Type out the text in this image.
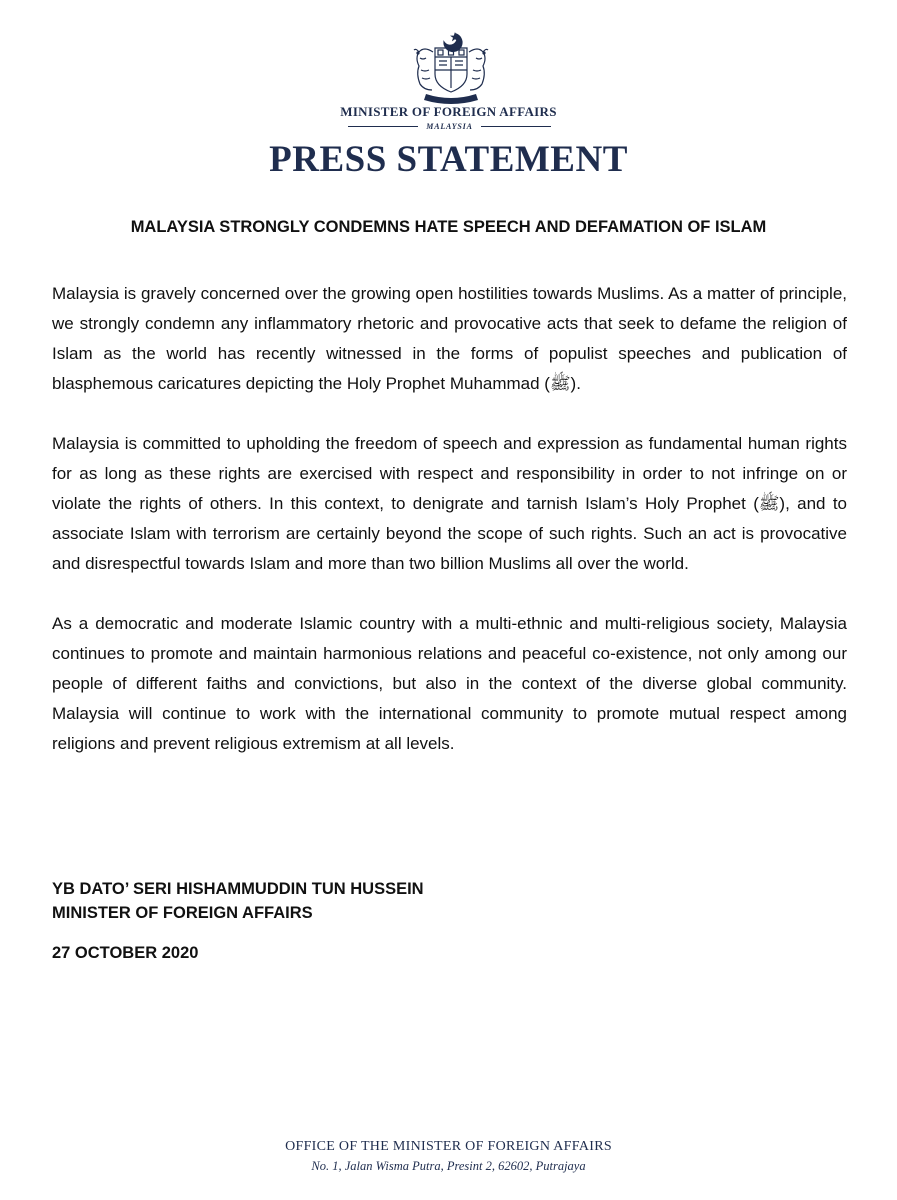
MINISTER OF FOREIGN AFFAIRS
MALAYSIA
PRESS STATEMENT
MALAYSIA STRONGLY CONDEMNS HATE SPEECH AND DEFAMATION OF ISLAM

Malaysia is gravely concerned over the growing open hostilities towards Muslims. As a matter of principle, we strongly condemn any inflammatory rhetoric and provocative acts that seek to defame the religion of Islam as the world has recently witnessed in the forms of populist speeches and publication of blasphemous caricatures depicting the Holy Prophet Muhammad (ﷺ).

Malaysia is committed to upholding the freedom of speech and expression as fundamental human rights for as long as these rights are exercised with respect and responsibility in order to not infringe on or violate the rights of others. In this context, to denigrate and tarnish Islam’s Holy Prophet (ﷺ), and to associate Islam with terrorism are certainly beyond the scope of such rights. Such an act is provocative and disrespectful towards Islam and more than two billion Muslims all over the world.

As a democratic and moderate Islamic country with a multi-ethnic and multi-religious society, Malaysia continues to promote and maintain harmonious relations and peaceful co-existence, not only among our people of different faiths and convictions, but also in the context of the diverse global community. Malaysia will continue to work with the international community to promote mutual respect among religions and prevent religious extremism at all levels.

YB DATO’ SERI HISHAMMUDDIN TUN HUSSEIN
MINISTER OF FOREIGN AFFAIRS
27 OCTOBER 2020
OFFICE OF THE MINISTER OF FOREIGN AFFAIRS
No. 1, Jalan Wisma Putra, Presint 2, 62602, Putrajaya
